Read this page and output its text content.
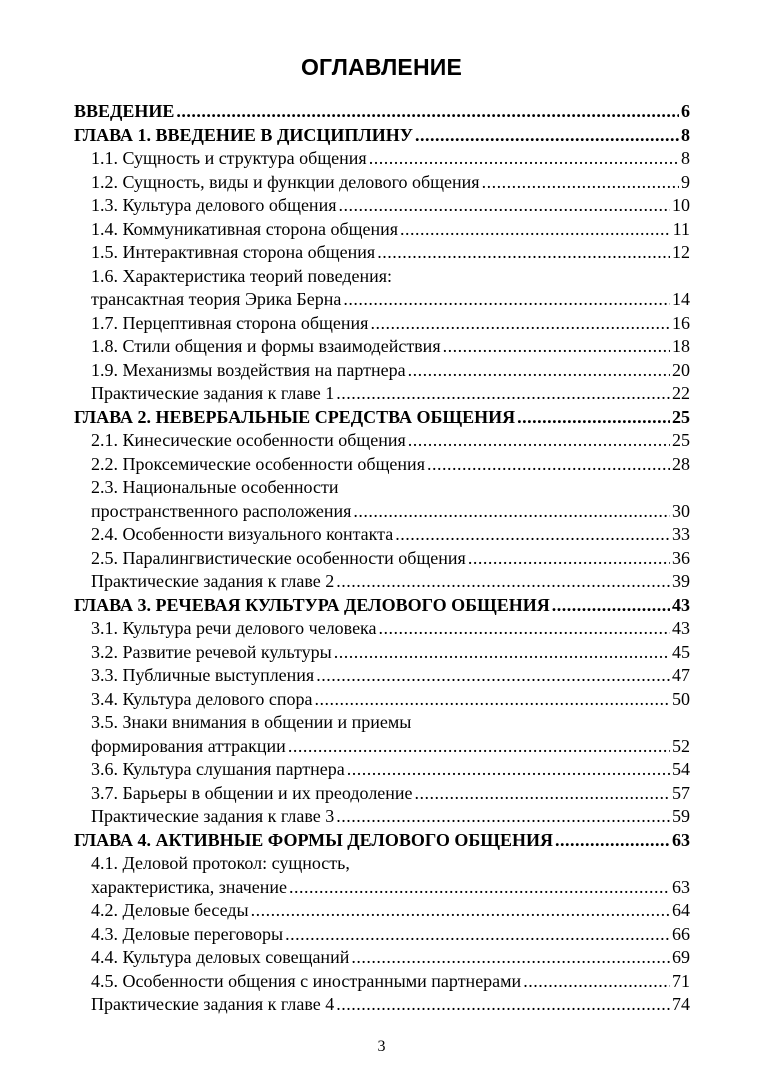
ОГЛАВЛЕНИЕ
ВВЕДЕНИЕ .....	6
ГЛАВА 1. ВВЕДЕНИЕ В ДИСЦИПЛИНУ .....	8
1.1. Сущность и структура общения .....	8
1.2. Сущность, виды и функции делового общения .....	9
1.3. Культура делового общения .....	10
1.4. Коммуникативная сторона общения .....	11
1.5. Интерактивная сторона общения .....	12
1.6. Характеристика теорий поведения:
трансактная теория Эрика Берна .....	14
1.7. Перцептивная сторона общения .....	16
1.8. Стили общения и формы взаимодействия .....	18
1.9. Механизмы воздействия на партнера .....	20
Практические задания к главе 1 .....	22
ГЛАВА 2. НЕВЕРБАЛЬНЫЕ СРЕДСТВА ОБЩЕНИЯ .....	25
2.1. Кинесические особенности общения .....	25
2.2. Проксемические особенности общения .....	28
2.3. Национальные особенности
пространственного расположения .....	30
2.4. Особенности визуального контакта .....	33
2.5. Паралингвистические особенности общения .....	36
Практические задания к главе 2 .....	39
ГЛАВА 3. РЕЧЕВАЯ КУЛЬТУРА ДЕЛОВОГО ОБЩЕНИЯ .....	43
3.1. Культура речи делового человека .....	43
3.2. Развитие речевой культуры .....	45
3.3. Публичные выступления .....	47
3.4. Культура делового спора .....	50
3.5. Знаки внимания в общении и приемы
формирования аттракции .....	52
3.6. Культура слушания партнера .....	54
3.7. Барьеры в общении и их преодоление .....	57
Практические задания к главе 3 .....	59
ГЛАВА 4. АКТИВНЫЕ ФОРМЫ ДЕЛОВОГО ОБЩЕНИЯ .....	63
4.1. Деловой протокол: сущность,
характеристика, значение .....	63
4.2. Деловые беседы .....	64
4.3. Деловые переговоры .....	66
4.4. Культура деловых совещаний .....	69
4.5. Особенности общения с иностранными партнерами .....	71
Практические задания к главе 4 .....	74
3
